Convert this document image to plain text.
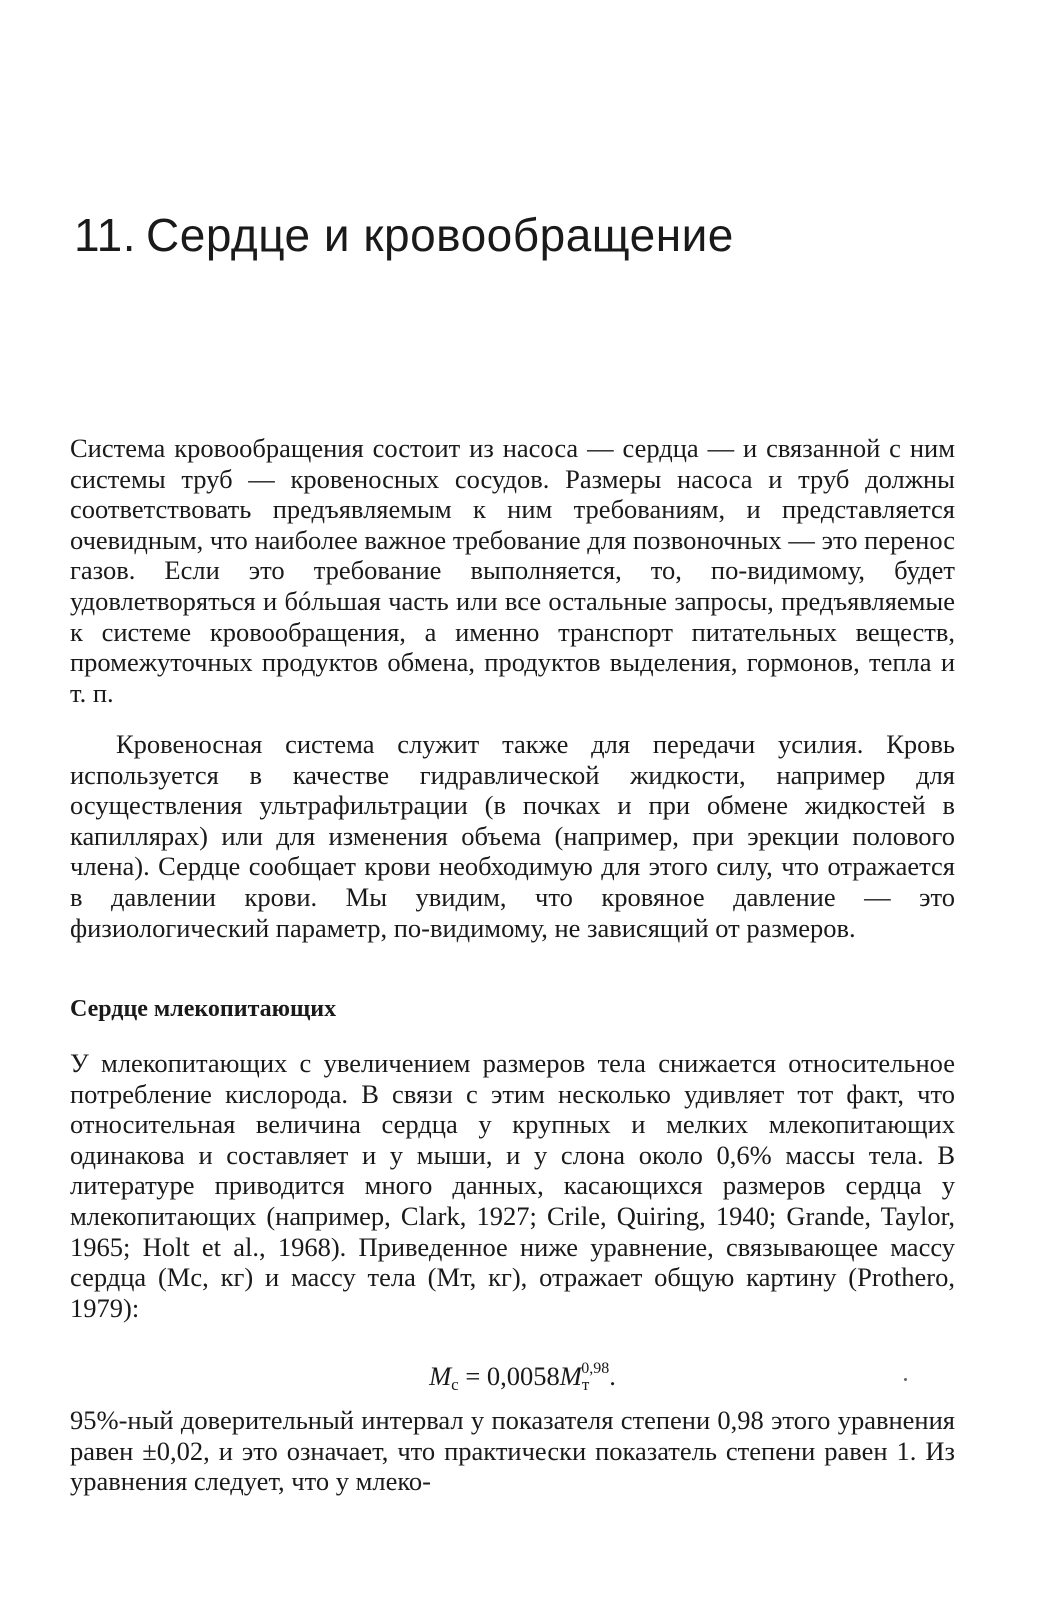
11. Сердце и кровообращение

Система кровообращения состоит из насоса — сердца — и связанной с ним системы труб — кровеносных сосудов. Размеры насоса и труб должны соответствовать предъявляемым к ним требованиям, и представляется очевидным, что наиболее важное требование для позвоночных — это перенос газов. Если это требование выполняется, то, по-видимому, будет удовлетворяться и бóльшая часть или все остальные запросы, предъявляемые к системе кровообращения, а именно транспорт питательных веществ, промежуточных продуктов обмена, продуктов выделения, гормонов, тепла и т. п.

Кровеносная система служит также для передачи усилия. Кровь используется в качестве гидравлической жидкости, например для осуществления ультрафильтрации (в почках и при обмене жидкостей в капиллярах) или для изменения объема (например, при эрекции полового члена). Сердце сообщает крови необходимую для этого силу, что отражается в давлении крови. Мы увидим, что кровяное давление — это физиологический параметр, по-видимому, не зависящий от размеров.

Сердце млекопитающих

У млекопитающих с увеличением размеров тела снижается относительное потребление кислорода. В связи с этим несколько удивляет тот факт, что относительная величина сердца у крупных и мелких млекопитающих одинакова и составляет и у мыши, и у слона около 0,6% массы тела. В литературе приводится много данных, касающихся размеров сердца у млекопитающих (например, Clark, 1927; Crile, Quiring, 1940; Grande, Taylor, 1965; Holt et al., 1968). Приведенное ниже уравнение, связывающее массу сердца (Мс, кг) и массу тела (Мт, кг), отражает общую картину (Prothero, 1979):

$М_с = 0,0058М_т^{0,98}$.

95%-ный доверительный интервал у показателя степени 0,98 этого уравнения равен ±0,02, и это означает, что практически показатель степени равен 1. Из уравнения следует, что у млеко-
